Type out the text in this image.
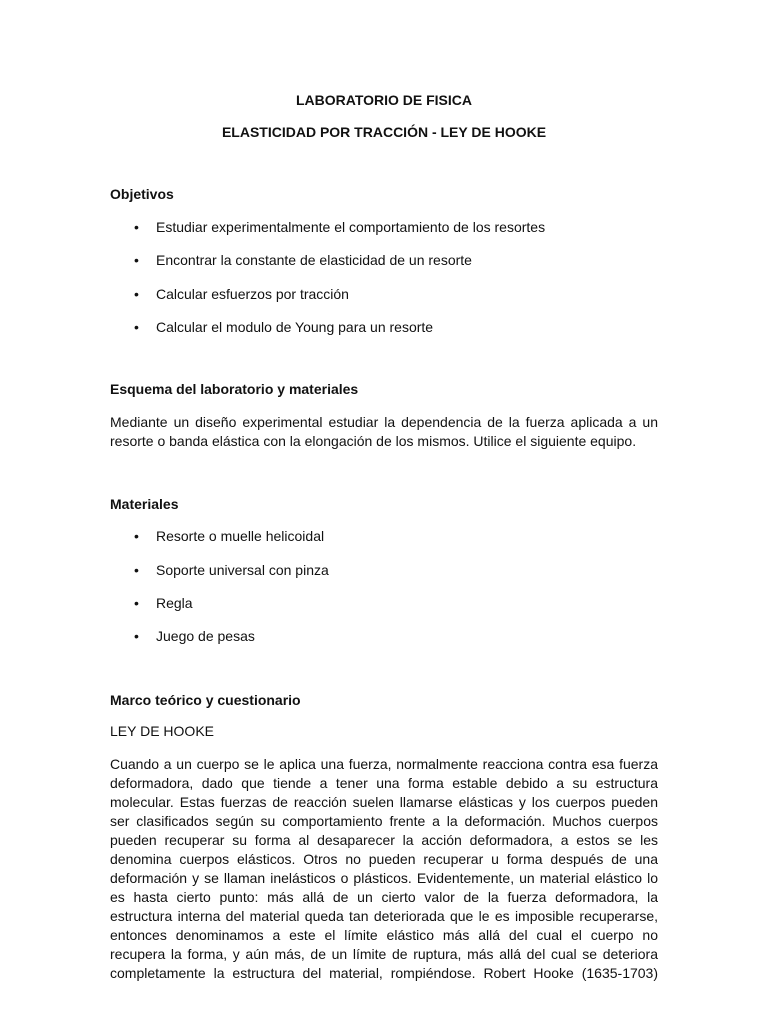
LABORATORIO DE FISICA
ELASTICIDAD POR TRACCIÓN - LEY DE HOOKE
Objetivos
• Estudiar experimentalmente el comportamiento de los resortes
• Encontrar la constante de elasticidad de un resorte
• Calcular esfuerzos por tracción
• Calcular el modulo de Young para un resorte
Esquema del laboratorio y materiales
Mediante un diseño experimental estudiar la dependencia de la fuerza aplicada a un
resorte o banda elástica con la elongación de los mismos. Utilice el siguiente equipo.
Materiales
• Resorte o muelle helicoidal
• Soporte universal con pinza
• Regla
• Juego de pesas
Marco teórico y cuestionario
LEY DE HOOKE
Cuando a un cuerpo se le aplica una fuerza, normalmente reacciona contra esa fuerza
deformadora, dado que tiende a tener una forma estable debido a su estructura
molecular. Estas fuerzas de reacción suelen llamarse elásticas y los cuerpos pueden
ser clasificados según su comportamiento frente a la deformación. Muchos cuerpos
pueden recuperar su forma al desaparecer la acción deformadora, a estos se les
denomina cuerpos elásticos. Otros no pueden recuperar u forma después de una
deformación y se llaman inelásticos o plásticos. Evidentemente, un material elástico lo
es hasta cierto punto: más allá de un cierto valor de la fuerza deformadora, la
estructura interna del material queda tan deteriorada que le es imposible recuperarse,
entonces denominamos a este el límite elástico más allá del cual el cuerpo no
recupera la forma, y aún más, de un límite de ruptura, más allá del cual se deteriora
completamente la estructura del material, rompiéndose. Robert Hooke (1635-1703)
